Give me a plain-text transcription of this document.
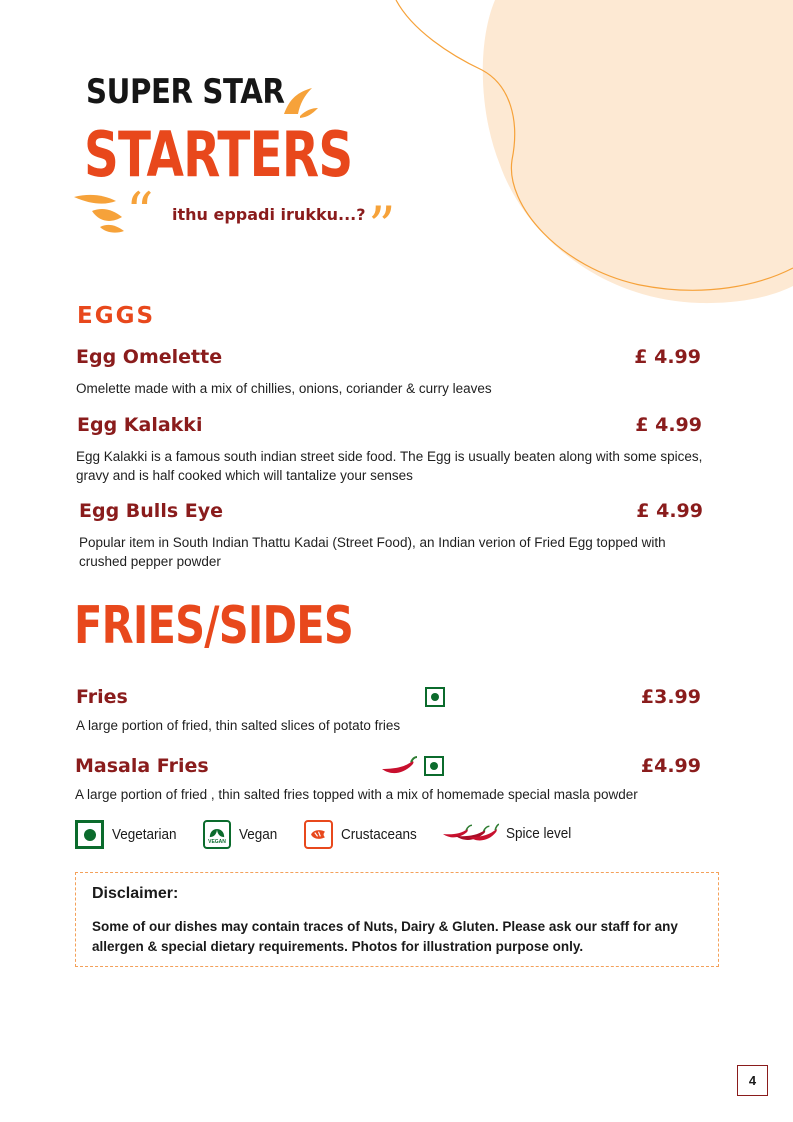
SUPER STAR
STARTERS
“ ithu eppadi irukku...? ”
EGGS
Egg Omelette	£ 4.99
Omelette made with a mix of chillies, onions, coriander & curry leaves
Egg Kalakki	£ 4.99
Egg Kalakki is a famous south indian street side food. The Egg is usually beaten along with some spices, gravy and is half cooked which will tantalize your senses
Egg Bulls Eye	£ 4.99
Popular item in South Indian Thattu Kadai (Street Food), an Indian verion of Fried Egg topped with crushed pepper powder
FRIES/SIDES
Fries	£3.99
A large portion of fried, thin salted slices of potato fries
Masala Fries	£4.99
A large portion of fried , thin salted fries topped with a mix of homemade special masla powder
Vegetarian	VEGAN Vegan	Crustaceans	Spice level
Disclaimer:
Some of our dishes may contain traces of Nuts, Dairy & Gluten. Please ask our staff for any allergen & special dietary requirements. Photos for illustration purpose only.
4
